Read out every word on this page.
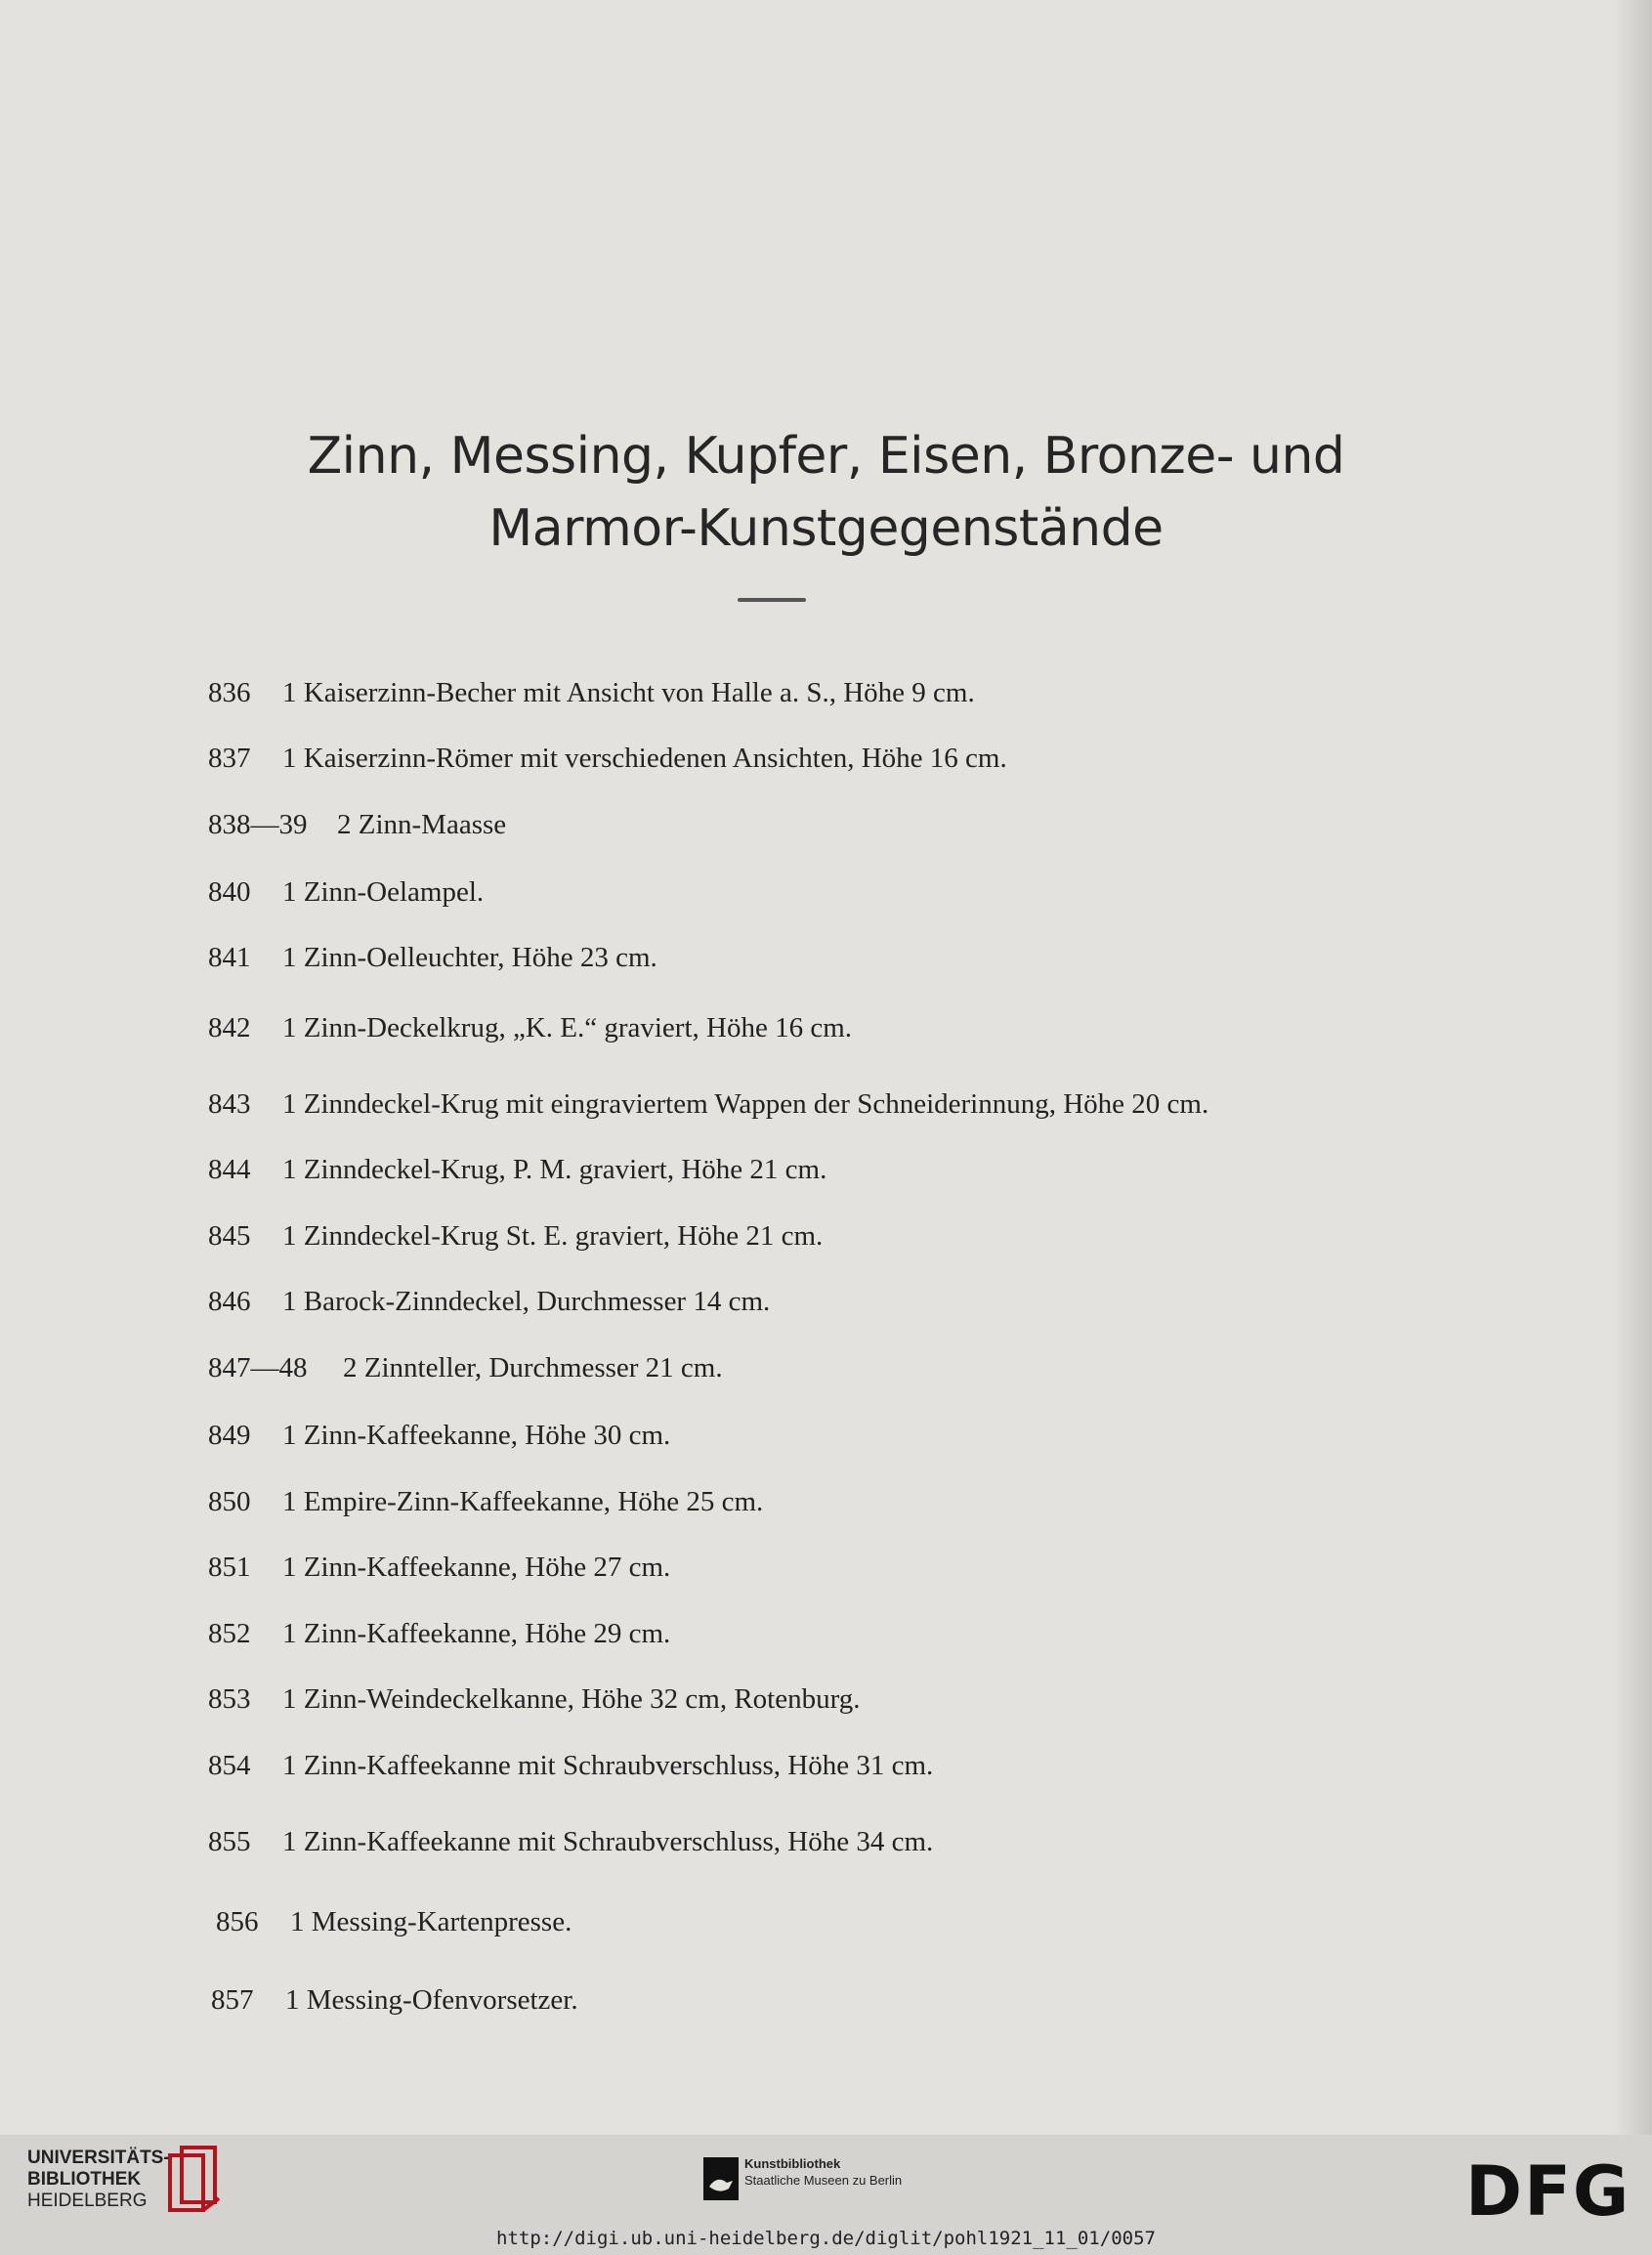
Zinn, Messing, Kupfer, Eisen, Bronze- und
Marmor-Kunstgegenstände
836 1 Kaiserzinn-Becher mit Ansicht von Halle a. S., Höhe 9 cm.
837 1 Kaiserzinn-Römer mit verschiedenen Ansichten, Höhe 16 cm.
838—39 2 Zinn-Maasse
840 1 Zinn-Oelampel.
841 1 Zinn-Oelleuchter, Höhe 23 cm.
842 1 Zinn-Deckelkrug, „K. E.“ graviert, Höhe 16 cm.
843 1 Zinndeckel-Krug mit eingraviertem Wappen der Schneiderinnung, Höhe 20 cm.
844 1 Zinndeckel-Krug, P. M. graviert, Höhe 21 cm.
845 1 Zinndeckel-Krug St. E. graviert, Höhe 21 cm.
846 1 Barock-Zinndeckel, Durchmesser 14 cm.
847—48 2 Zinnteller, Durchmesser 21 cm.
849 1 Zinn-Kaffeekanne, Höhe 30 cm.
850 1 Empire-Zinn-Kaffeekanne, Höhe 25 cm.
851 1 Zinn-Kaffeekanne, Höhe 27 cm.
852 1 Zinn-Kaffeekanne, Höhe 29 cm.
853 1 Zinn-Weindeckelkanne, Höhe 32 cm, Rotenburg.
854 1 Zinn-Kaffeekanne mit Schraubverschluss, Höhe 31 cm.
855 1 Zinn-Kaffeekanne mit Schraubverschluss, Höhe 34 cm.
856 1 Messing-Kartenpresse.
857 1 Messing-Ofenvorsetzer.
UNIVERSITÄTS-
BIBLIOTHEK
HEIDELBERG
Kunstbibliothek
Staatliche Museen zu Berlin	DFG
http://digi.ub.uni-heidelberg.de/diglit/pohl1921_11_01/0057
